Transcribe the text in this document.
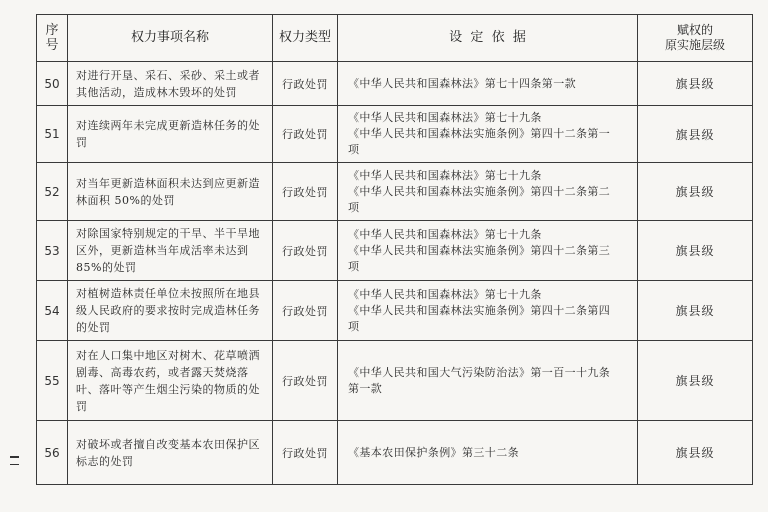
序
号	权力事项名称	权力类型	设  定  依  据	赋权的
原实施层级

50	对进行开垦、采石、采砂、采土或者其他活动，造成林木毁坏的处罚	行政处罚	《中华人民共和国森林法》第七十四条第一款	旗县级
51	对连续两年未完成更新造林任务的处罚	行政处罚	《中华人民共和国森林法》第七十九条
《中华人民共和国森林法实施条例》第四十二条第一
项	旗县级
52	对当年更新造林面积未达到应更新造林面积 50%的处罚	行政处罚	《中华人民共和国森林法》第七十九条
《中华人民共和国森林法实施条例》第四十二条第二
项	旗县级
53	对除国家特别规定的干旱、半干旱地区外，更新造林当年成活率未达到 85%的处罚	行政处罚	《中华人民共和国森林法》第七十九条
《中华人民共和国森林法实施条例》第四十二条第三
项	旗县级
54	对植树造林责任单位未按照所在地县级人民政府的要求按时完成造林任务的处罚	行政处罚	《中华人民共和国森林法》第七十九条
《中华人民共和国森林法实施条例》第四十二条第四
项	旗县级
55	对在人口集中地区对树木、花草喷洒剧毒、高毒农药，或者露天焚烧落叶、落叶等产生烟尘污染的物质的处罚	行政处罚	《中华人民共和国大气污染防治法》第一百一十九条
第一款	旗县级
56	对破坏或者擅自改变基本农田保护区标志的处罚	行政处罚	《基本农田保护条例》第三十二条	旗县级
